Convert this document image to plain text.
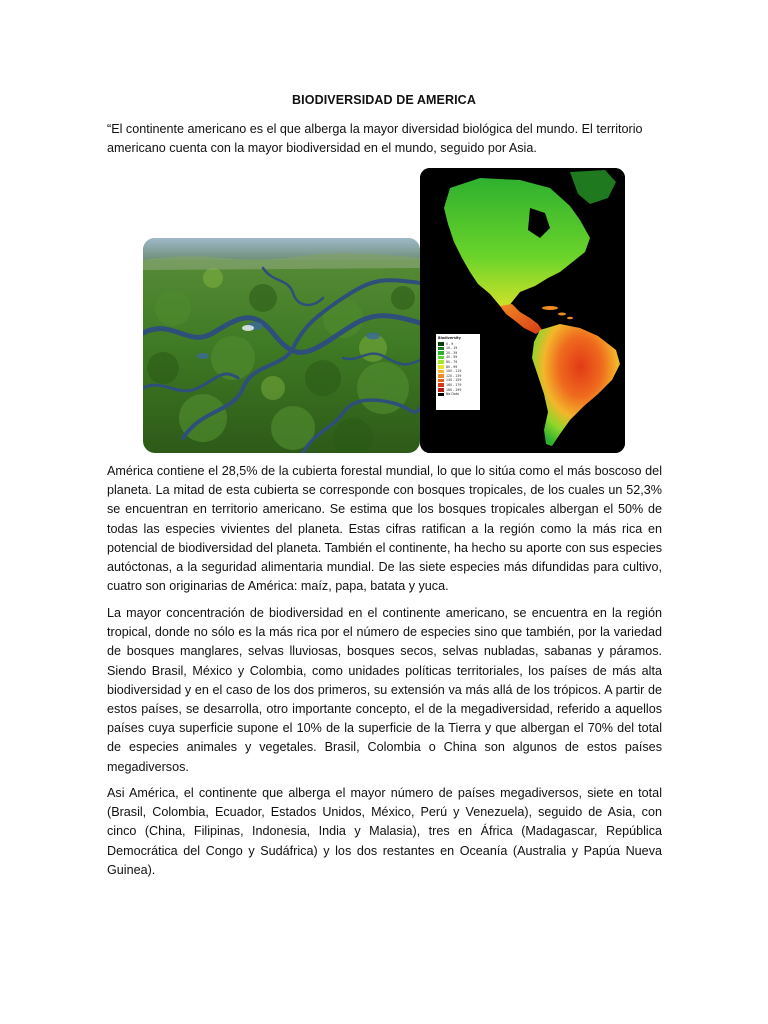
BIODIVERSIDAD DE AMERICA

“El continente americano es el que alberga la mayor diversidad biológica del mundo. El territorio americano cuenta con la mayor biodiversidad en el mundo, seguido por Asia.

Biodiversity
0 - 9
10 - 19
20 - 39
40 - 59
60 - 79
80 - 99
100 - 119
120 - 139
140 - 159
160 - 179
180 - 199
No Data

América contiene el 28,5% de la cubierta forestal mundial, lo que lo sitúa como el más boscoso del planeta. La mitad de esta cubierta se corresponde con bosques tropicales, de los cuales un 52,3% se encuentran en territorio americano. Se estima que los bosques tropicales albergan el 50% de todas las especies vivientes del planeta. Estas cifras ratifican a la región como la más rica en potencial de biodiversidad del planeta. También el continente, ha hecho su aporte con sus especies autóctonas, a la seguridad alimentaria mundial. De las siete especies más difundidas para cultivo, cuatro son originarias de América: maíz, papa, batata y yuca.

La mayor concentración de biodiversidad en el continente americano, se encuentra en la región tropical, donde no sólo es la más rica por el número de especies sino que también, por la variedad de bosques manglares, selvas lluviosas, bosques secos, selvas nubladas, sabanas y páramos. Siendo Brasil, México y Colombia, como unidades políticas territoriales, los países de más alta biodiversidad y en el caso de los dos primeros, su extensión va más allá de los trópicos. A partir de estos países, se desarrolla, otro importante concepto, el de la megadiversidad, referido a aquellos países cuya superficie supone el 10% de la superficie de la Tierra y que albergan el 70% del total de especies animales y vegetales. Brasil, Colombia o China son algunos de estos países megadiversos.

Asi América, el continente que alberga el mayor número de países megadiversos, siete en total (Brasil, Colombia, Ecuador, Estados Unidos, México, Perú y Venezuela), seguido de Asia, con cinco (China, Filipinas, Indonesia, India y Malasia), tres en África (Madagascar, República Democrática del Congo y Sudáfrica) y los dos restantes en Oceanía (Australia y Papúa Nueva Guinea).
